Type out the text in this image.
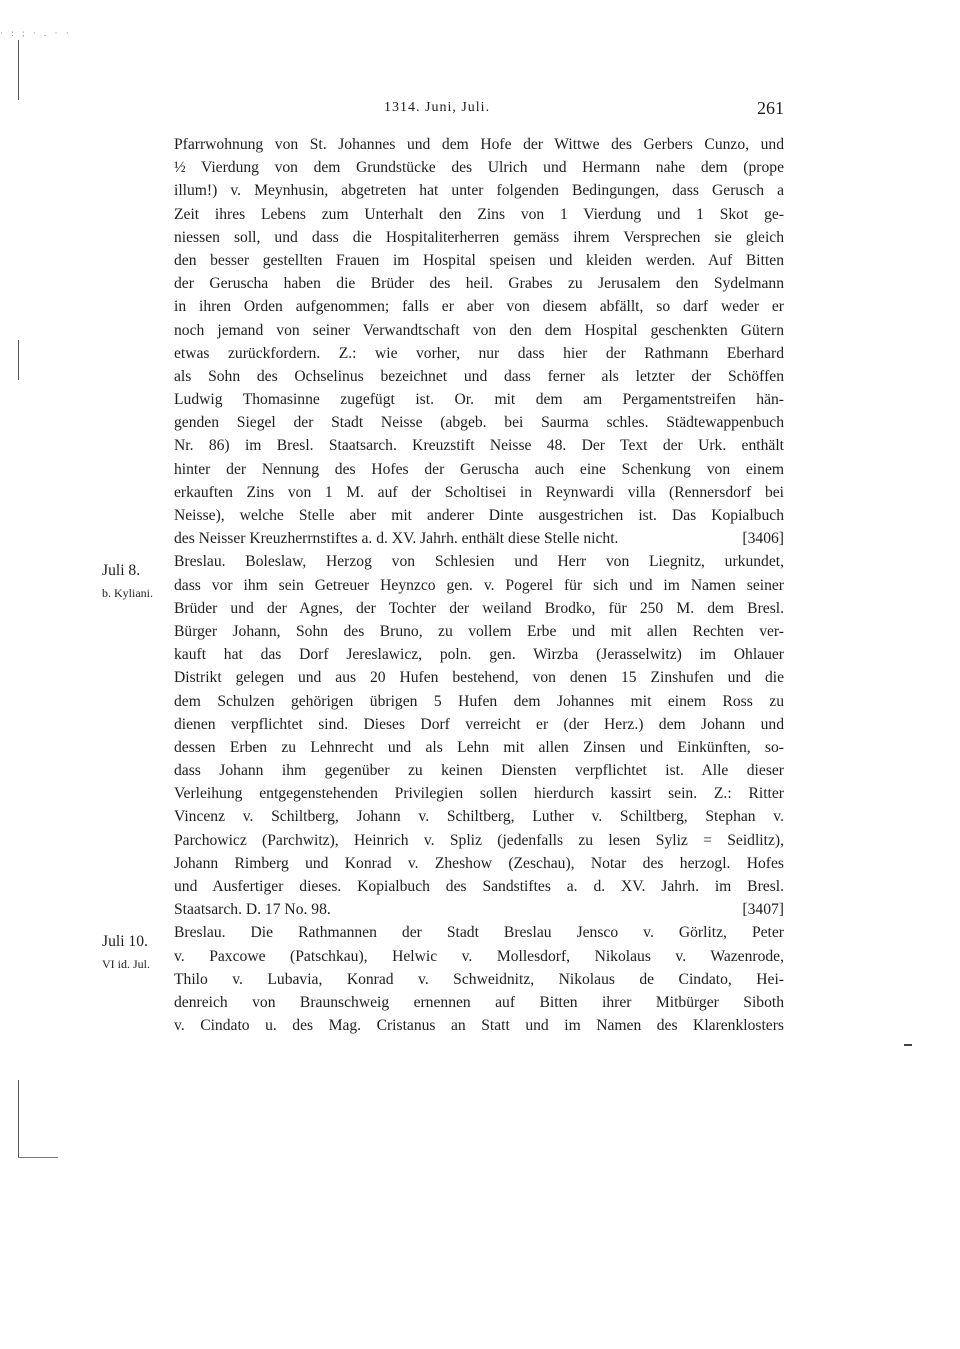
· : ; · . · ·
1314. Juni, Juli.	261
Juli 8.
b. Kyliani.
Juli 10.
VI id. Jul.
Pfarrwohnung von St. Johannes und dem Hofe der Wittwe des Gerbers Cunzo, und
½ Vierdung von dem Grundstücke des Ulrich und Hermann nahe dem (prope
illum!) v. Meynhusin, abgetreten hat unter folgenden Bedingungen, dass Gerusch a
Zeit ihres Lebens zum Unterhalt den Zins von 1 Vierdung und 1 Skot ge-
niessen soll, und dass die Hospitaliterherren gemäss ihrem Versprechen sie gleich
den besser gestellten Frauen im Hospital speisen und kleiden werden. Auf Bitten
der Geruscha haben die Brüder des heil. Grabes zu Jerusalem den Sydelmann
in ihren Orden aufgenommen; falls er aber von diesem abfällt, so darf weder er
noch jemand von seiner Verwandtschaft von den dem Hospital geschenkten Gütern
etwas zurückfordern. Z.: wie vorher, nur dass hier der Rathmann Eberhard
als Sohn des Ochselinus bezeichnet und dass ferner als letzter der Schöffen
Ludwig Thomasinne zugefügt ist. Or. mit dem am Pergamentstreifen hän-
genden Siegel der Stadt Neisse (abgeb. bei Saurma schles. Städtewappenbuch
Nr. 86) im Bresl. Staatsarch. Kreuzstift Neisse 48. Der Text der Urk. enthält
hinter der Nennung des Hofes der Geruscha auch eine Schenkung von einem
erkauften Zins von 1 M. auf der Scholtisei in Reynwardi villa (Rennersdorf bei
Neisse), welche Stelle aber mit anderer Dinte ausgestrichen ist. Das Kopialbuch
des Neisser Kreuzherrnstiftes a. d. XV. Jahrh. enthält diese Stelle nicht.	[3406]
Breslau. Boleslaw, Herzog von Schlesien und Herr von Liegnitz, urkundet,
dass vor ihm sein Getreuer Heynzco gen. v. Pogerel für sich und im Namen seiner
Brüder und der Agnes, der Tochter der weiland Brodko, für 250 M. dem Bresl.
Bürger Johann, Sohn des Bruno, zu vollem Erbe und mit allen Rechten ver-
kauft hat das Dorf Jereslawicz, poln. gen. Wirzba (Jerasselwitz) im Ohlauer
Distrikt gelegen und aus 20 Hufen bestehend, von denen 15 Zinshufen und die
dem Schulzen gehörigen übrigen 5 Hufen dem Johannes mit einem Ross zu
dienen verpflichtet sind. Dieses Dorf verreicht er (der Herz.) dem Johann und
dessen Erben zu Lehnrecht und als Lehn mit allen Zinsen und Einkünften, so-
dass Johann ihm gegenüber zu keinen Diensten verpflichtet ist. Alle dieser
Verleihung entgegenstehenden Privilegien sollen hierdurch kassirt sein. Z.: Ritter
Vincenz v. Schiltberg, Johann v. Schiltberg, Luther v. Schiltberg, Stephan v.
Parchowicz (Parchwitz), Heinrich v. Spliz (jedenfalls zu lesen Syliz = Seidlitz),
Johann Rimberg und Konrad v. Zheshow (Zeschau), Notar des herzogl. Hofes
und Ausfertiger dieses. Kopialbuch des Sandstiftes a. d. XV. Jahrh. im Bresl.
Staatsarch. D. 17 No. 98.	[3407]
Breslau. Die Rathmannen der Stadt Breslau Jensco v. Görlitz, Peter
v. Paxcowe (Patschkau), Helwic v. Mollesdorf, Nikolaus v. Wazenrode,
Thilo v. Lubavia, Konrad v. Schweidnitz, Nikolaus de Cindato, Hei-
denreich von Braunschweig ernennen auf Bitten ihrer Mitbürger Siboth
v. Cindato u. des Mag. Cristanus an Statt und im Namen des Klarenklosters
